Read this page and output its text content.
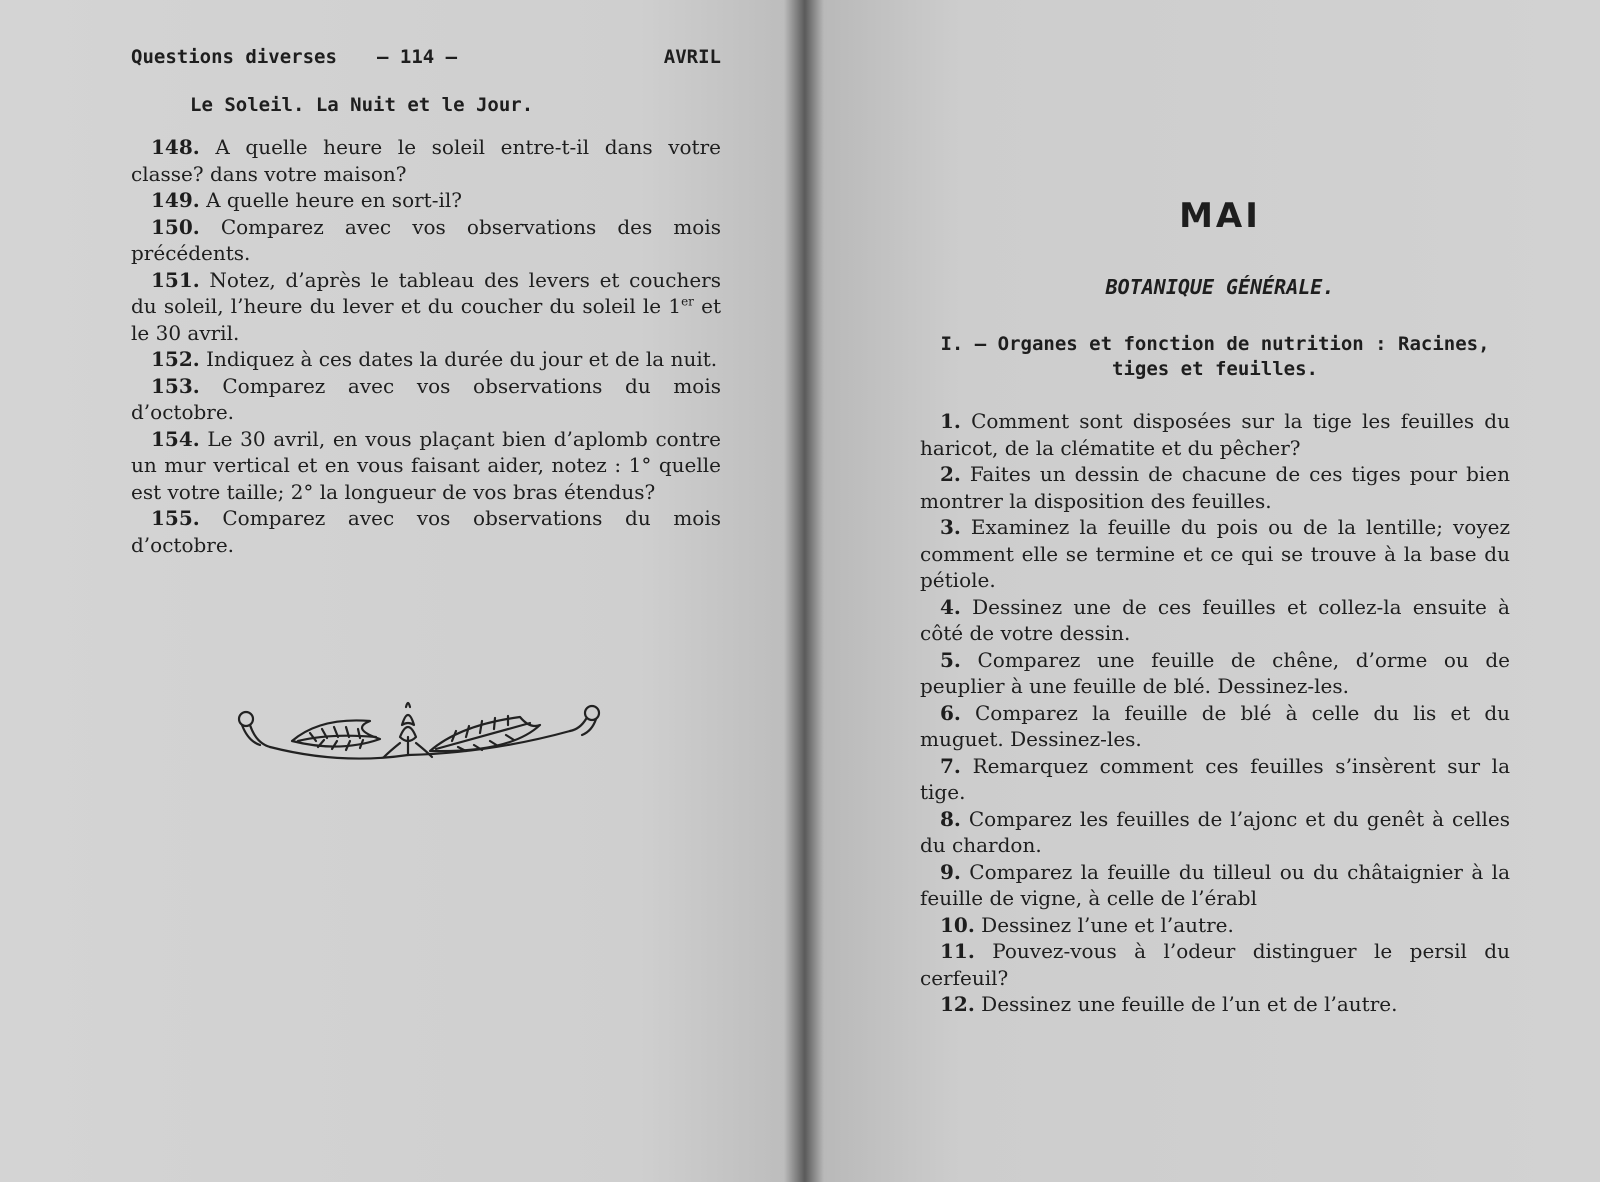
Questions diverses — 114 —	AVRIL
Le Soleil. La Nuit et le Jour.

148. A quelle heure le soleil entre-t-il dans votre classe? dans votre maison?

149. A quelle heure en sort-il?

150. Comparez avec vos observations des mois précédents.

151. Notez, d’après le tableau des levers et couchers du soleil, l’heure du lever et du coucher du soleil le 1er et le 30 avril.

152. Indiquez à ces dates la durée du jour et de la nuit.

153. Comparez avec vos observations du mois d’octobre.

154. Le 30 avril, en vous plaçant bien d’aplomb contre un mur vertical et en vous faisant aider, notez : 1° quelle est votre taille; 2° la longueur de vos bras étendus?

155. Comparez avec vos observations du mois d’octobre.

MAI
BOTANIQUE GÉNÉRALE.
I. — Organes et fonction de nutrition : Racines, tiges et feuilles.

1. Comment sont disposées sur la tige les feuilles du haricot, de la clématite et du pêcher?

2. Faites un dessin de chacune de ces tiges pour bien montrer la disposition des feuilles.

3. Examinez la feuille du pois ou de la lentille; voyez comment elle se termine et ce qui se trouve à la base du pétiole.

4. Dessinez une de ces feuilles et collez-la ensuite à côté de votre dessin.

5. Comparez une feuille de chêne, d’orme ou de peuplier à une feuille de blé. Dessinez-les.

6. Comparez la feuille de blé à celle du lis et du muguet. Dessinez-les.

7. Remarquez comment ces feuilles s’insèrent sur la tige.

8. Comparez les feuilles de l’ajonc et du genêt à celles du chardon.

9. Comparez la feuille du tilleul ou du châtaignier à la feuille de vigne, à celle de l’érabl

10. Dessinez l’une et l’autre.

11. Pouvez-vous à l’odeur distinguer le persil du cerfeuil?

12. Dessinez une feuille de l’un et de l’autre.
